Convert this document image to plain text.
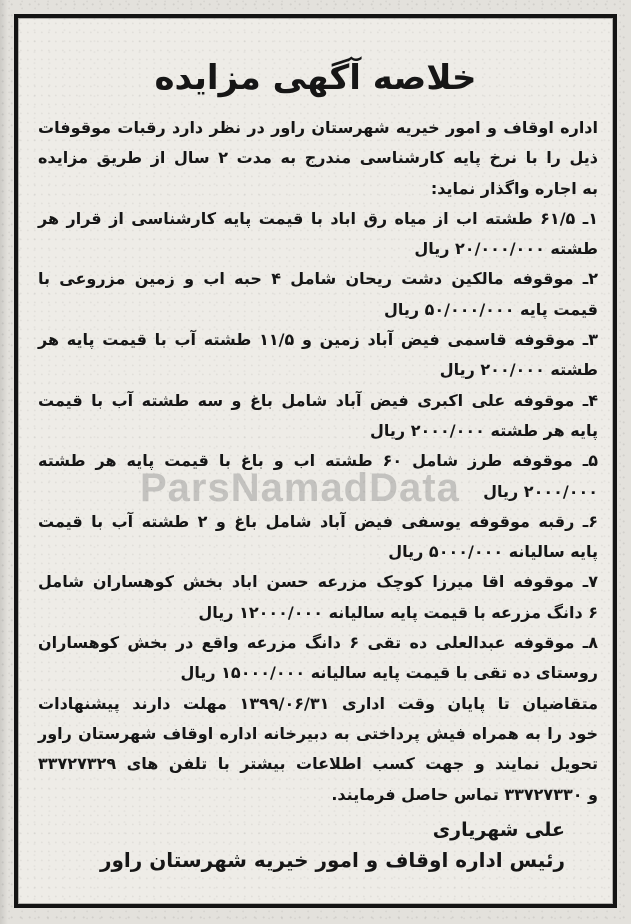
ParsNamadData
خلاصه آگهی مزایده
اداره اوقاف و امور خیریه شهرستان راور در نظر دارد رقبات موقوفات
ذیل را با نرخ پایه کارشناسی مندرج به مدت ۲ سال از طریق مزایده
به اجاره واگذار نماید:
۱ـ ۶۱/۵ طشته اب از میاه رق اباد با قیمت پایه کارشناسی از قرار هر
طشته ۲۰/۰۰۰/۰۰۰ ریال
۲ـ موقوفه مالکین دشت ریحان شامل ۴ حبه اب و زمین مزروعی با
قیمت پایه ۵۰/۰۰۰/۰۰۰ ریال
۳ـ موقوفه قاسمی فیض آباد زمین و ۱۱/۵ طشته آب با قیمت پایه هر
طشته ۲۰۰/۰۰۰ ریال
۴ـ موقوفه علی اکبری فیض آباد شامل باغ و سه طشته آب با قیمت
پایه هر طشته ۲۰۰۰/۰۰۰ ریال
۵ـ موقوفه طرز شامل ۶۰ طشته اب و باغ با قیمت پایه هر طشته
۲۰۰۰/۰۰۰ ریال
۶ـ رقبه موقوفه یوسفی فیض آباد شامل باغ و ۲ طشته آب با قیمت
پایه سالیانه ۵۰۰۰/۰۰۰ ریال
۷ـ موقوفه اقا میرزا کوچک مزرعه حسن اباد بخش کوهساران شامل
۶ دانگ مزرعه با قیمت پایه سالیانه ۱۲۰۰۰/۰۰۰ ریال
۸ـ موقوفه عبدالعلی ده تقی ۶ دانگ مزرعه واقع در بخش کوهساران
روستای ده تقی با قیمت پایه سالیانه ۱۵۰۰۰/۰۰۰ ریال
متقاضیان تا پایان وقت اداری ۱۳۹۹/۰۶/۳۱ مهلت دارند پیشنهادات
خود را به همراه فیش پرداختی به دبیرخانه اداره اوقاف شهرستان راور
تحویل نمایند و جهت کسب اطلاعات بیشتر با تلفن های ۳۳۷۲۷۳۲۹
و ۳۳۷۲۷۳۳۰ تماس حاصل فرمایند.
علی شهریاری
رئیس اداره اوقاف و امور خیریه شهرستان راور
